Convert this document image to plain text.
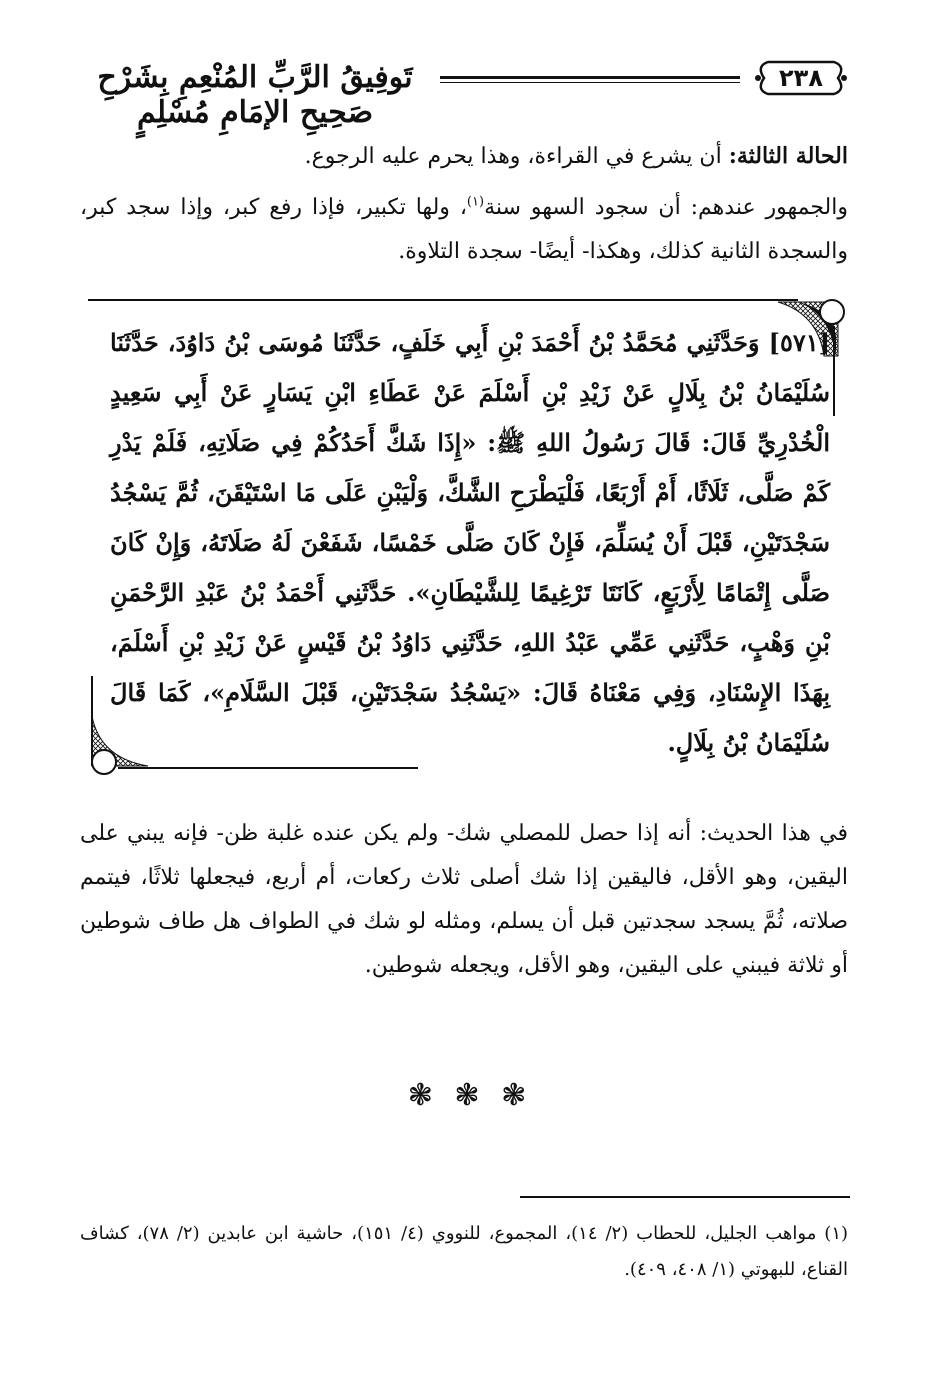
تَوفِيقُ الرَّبِّ المُنْعِمِ بِشَرْحِ صَحِيحِ الإمَامِ مُسْلِمٍ
٢٣٨
الحالة الثالثة: أن يشرع في القراءة، وهذا يحرم عليه الرجوع.
والجمهور عندهم: أن سجود السهو سنة$^{(١)}$، ولها تكبير، فإذا رفع كبر، وإذا سجد كبر، والسجدة الثانية كذلك، وهكذا- أيضًا- سجدة التلاوة.
[٥٧١] وَحَدَّثَنِي مُحَمَّدُ بْنُ أَحْمَدَ بْنِ أَبِي خَلَفٍ، حَدَّثَنَا مُوسَى بْنُ دَاوُدَ، حَدَّثَنَا سُلَيْمَانُ بْنُ بِلَالٍ عَنْ زَيْدِ بْنِ أَسْلَمَ عَنْ عَطَاءِ ابْنِ يَسَارٍ عَنْ أَبِي سَعِيدٍ الْخُدْرِيِّ قَالَ: قَالَ رَسُولُ اللهِ ﷺ: «إِذَا شَكَّ أَحَدُكُمْ فِي صَلَاتِهِ، فَلَمْ يَدْرِ كَمْ صَلَّى، ثَلَاثًا، أَمْ أَرْبَعًا، فَلْيَطْرَحِ الشَّكَّ، وَلْيَبْنِ عَلَى مَا اسْتَيْقَنَ، ثُمَّ يَسْجُدُ سَجْدَتَيْنِ، قَبْلَ أَنْ يُسَلِّمَ، فَإِنْ كَانَ صَلَّى خَمْسًا، شَفَعْنَ لَهُ صَلَاتَهُ، وَإِنْ كَانَ صَلَّى إِتْمَامًا لِأَرْبَعٍ، كَانَتَا تَرْغِيمًا لِلشَّيْطَانِ». حَدَّثَنِي أَحْمَدُ بْنُ عَبْدِ الرَّحْمَنِ بْنِ وَهْبٍ، حَدَّثَنِي عَمِّي عَبْدُ اللهِ، حَدَّثَنِي دَاوُدُ بْنُ قَيْسٍ عَنْ زَيْدِ بْنِ أَسْلَمَ، بِهَذَا الإِسْنَادِ، وَفِي مَعْنَاهُ قَالَ: «يَسْجُدُ سَجْدَتَيْنِ، قَبْلَ السَّلَامِ»، كَمَا قَالَ سُلَيْمَانُ بْنُ بِلَالٍ.
في هذا الحديث: أنه إذا حصل للمصلي شك- ولم يكن عنده غلبة ظن- فإنه يبني على اليقين، وهو الأقل، فاليقين إذا شك أصلى ثلاث ركعات، أم أربع، فيجعلها ثلاثًا، فيتمم صلاته، ثُمَّ يسجد سجدتين قبل أن يسلم، ومثله لو شك في الطواف هل طاف شوطين أو ثلاثة فيبني على اليقين، وهو الأقل، ويجعله شوطين.
❃ ❃ ❃
(١) مواهب الجليل، للحطاب (٢/ ١٤)، المجموع، للنووي (٤/ ١٥١)، حاشية ابن عابدين (٢/ ٧٨)، كشاف القناع، للبهوتي (١/ ٤٠٨، ٤٠٩).
